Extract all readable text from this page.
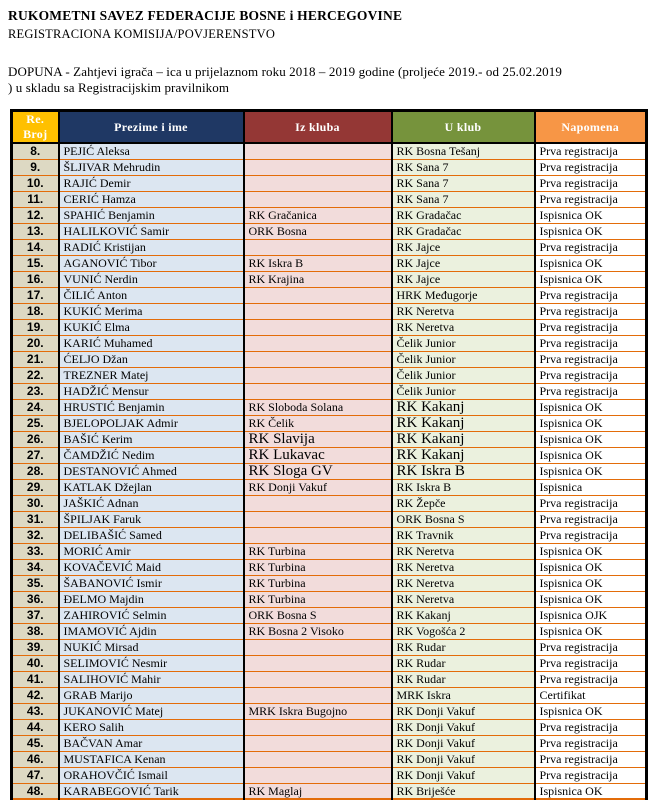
RUKOMETNI SAVEZ FEDERACIJE BOSNE i HERCEGOVINE
REGISTRACIONA KOMISIJA/POVJERENSTVO
DOPUNA - Zahtjevi igrača – ica u prijelaznom roku 2018 – 2019 godine (proljeće 2019.- od 25.02.2019
) u skladu sa Registracijskim pravilnikom
Re. Broj	Prezime i ime	Iz kluba	U klub	Napomena
8.	PEJIĆ Aleksa		RK Bosna Tešanj	Prva registracija
9.	ŠLJIVAR Mehrudin		RK Sana 7	Prva registracija
10.	RAJIĆ Demir		RK Sana 7	Prva registracija
11.	CERIĆ Hamza		RK Sana 7	Prva registracija
12.	SPAHIĆ Benjamin	RK Gračanica	RK Gradačac	Ispisnica OK
13.	HALILKOVIĆ Samir	ORK Bosna	RK Gradačac	Ispisnica OK
14.	RADIĆ Kristijan		RK Jajce	Prva registracija
15.	AGANOVIĆ Tibor	RK Iskra B	RK Jajce	Ispisnica OK
16.	VUNIĆ Nerdin	RK Krajina	RK Jajce	Ispisnica OK
17.	ČILIĆ Anton		HRK Međugorje	Prva registracija
18.	KUKIĆ Merima		RK Neretva	Prva registracija
19.	KUKIĆ Elma		RK Neretva	Prva registracija
20.	KARIĆ Muhamed		Čelik Junior	Prva registracija
21.	ĆELJO Džan		Čelik Junior	Prva registracija
22.	TREZNER Matej		Čelik Junior	Prva registracija
23.	HADŽIĆ Mensur		Čelik Junior	Prva registracija
24.	HRUSTIĆ Benjamin	RK Sloboda Solana	RK Kakanj	Ispisnica OK
25.	BJELOPOLJAK Admir	RK Čelik	RK Kakanj	Ispisnica OK
26.	BAŠIĆ Kerim	RK Slavija	RK Kakanj	Ispisnica OK
27.	ČAMDŽIĆ Nedim	RK Lukavac	RK Kakanj	Ispisnica OK
28.	DESTANOVIĆ Ahmed	RK Sloga GV	RK Iskra B	Ispisnica OK
29.	KATLAK Džejlan	RK Donji Vakuf	RK Iskra B	Ispisnica
30.	JAŠKIĆ Adnan		RK Žepče	Prva registracija
31.	ŠPILJAK Faruk		ORK Bosna S	Prva registracija
32.	DELIBAŠIĆ Samed		RK Travnik	Prva registracija
33.	MORIĆ Amir	RK Turbina	RK Neretva	Ispisnica OK
34.	KOVAČEVIĆ Maid	RK Turbina	RK Neretva	Ispisnica OK
35.	ŠABANOVIĆ Ismir	RK Turbina	RK Neretva	Ispisnica OK
36.	ĐELMO Majdin	RK Turbina	RK Neretva	Ispisnica OK
37.	ZAHIROVIĆ Selmin	ORK Bosna S	RK Kakanj	Ispisnica OJK
38.	IMAMOVIĆ Ajdin	RK Bosna 2 Visoko	RK Vogošća 2	Ispisnica OK
39.	NUKIĆ Mirsad		RK Rudar	Prva registracija
40.	SELIMOVIĆ Nesmir		RK Rudar	Prva registracija
41.	SALIHOVIĆ Mahir		RK Rudar	Prva registracija
42.	GRAB Marijo		MRK Iskra	Certifikat
43.	JUKANOVIĆ Matej	MRK Iskra Bugojno	RK Donji Vakuf	Ispisnica OK
44.	KERO Salih		RK Donji Vakuf	Prva registracija
45.	BAČVAN Amar		RK Donji Vakuf	Prva registracija
46.	MUSTAFICA Kenan		RK Donji Vakuf	Prva registracija
47.	ORAHOVČIĆ Ismail		RK Donji Vakuf	Prva registracija
48.	KARABEGOVIĆ Tarik	RK Maglaj	RK Briješće	Ispisnica OK
